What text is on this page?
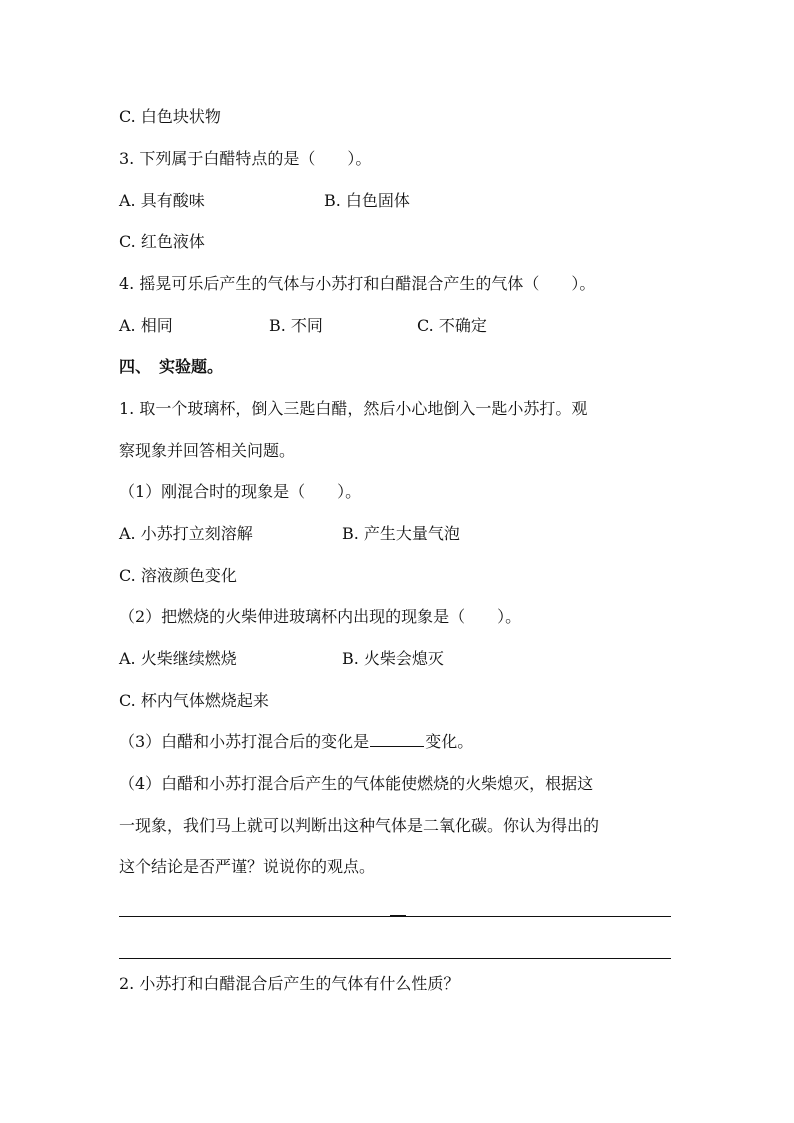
C. 白色块状物
3. 下列属于白醋特点的是（　　）。
A. 具有酸味	B. 白色固体
C. 红色液体
4. 摇晃可乐后产生的气体与小苏打和白醋混合产生的气体（　　）。
A. 相同	B. 不同	C. 不确定
四、　实验题。
1. 取一个玻璃杯，倒入三匙白醋，然后小心地倒入一匙小苏打。观
察现象并回答相关问题。
（1）刚混合时的现象是（　　）。
A. 小苏打立刻溶解	B. 产生大量气泡
C. 溶液颜色变化
（2）把燃烧的火柴伸进玻璃杯内出现的现象是（　　）。
A. 火柴继续燃烧	B. 火柴会熄灭
C. 杯内气体燃烧起来
（3）白醋和小苏打混合后的变化是	变化。
（4）白醋和小苏打混合后产生的气体能使燃烧的火柴熄灭，根据这
一现象，我们马上就可以判断出这种气体是二氧化碳。你认为得出的
这个结论是否严谨？说说你的观点。
2. 小苏打和白醋混合后产生的气体有什么性质？
